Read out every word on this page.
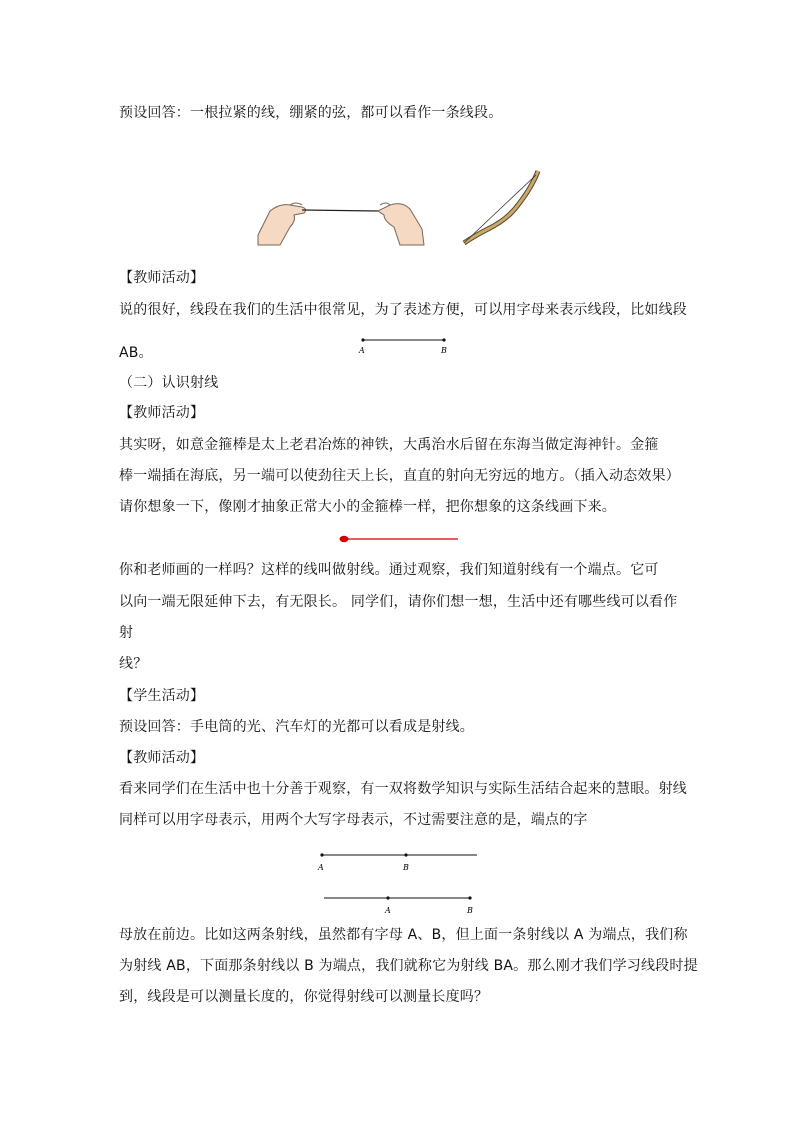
预设回答：一根拉紧的线，绷紧的弦，都可以看作一条线段。
【教师活动】
说的很好，线段在我们的生活中很常见，为了表述方便，可以用字母来表示线段，比如线段
AB。	A	B
（二）认识射线
【教师活动】
其实呀，如意金箍棒是太上老君冶炼的神铁，大禹治水后留在东海当做定海神针。金箍
棒一端插在海底，另一端可以使劲往天上长，直直的射向无穷远的地方。（插入动态效果）
请你想象一下，像刚才抽象正常大小的金箍棒一样，把你想象的这条线画下来。
你和老师画的一样吗？这样的线叫做射线。通过观察，我们知道射线有一个端点。它可
以向一端无限延伸下去，有无限长。 同学们，请你们想一想，生活中还有哪些线可以看作
射
线？
【学生活动】
预设回答：手电筒的光、汽车灯的光都可以看成是射线。
【教师活动】
看来同学们在生活中也十分善于观察，有一双将数学知识与实际生活结合起来的慧眼。射线
同样可以用字母表示，用两个大写字母表示，不过需要注意的是，端点的字
A	B
A	B
母放在前边。比如这两条射线，虽然都有字母 A、B，但上面一条射线以 A 为端点，我们称
为射线 AB，下面那条射线以 B 为端点，我们就称它为射线 BA。那么刚才我们学习线段时提
到，线段是可以测量长度的，你觉得射线可以测量长度吗？
